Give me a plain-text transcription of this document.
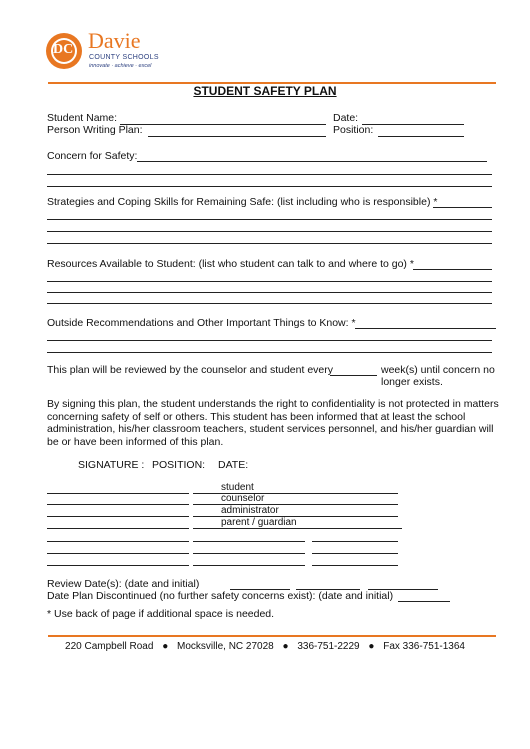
DC Davie
COUNTY SCHOOLS
innovate · achieve · excel
STUDENT SAFETY PLAN
Student Name:	Date:
Person Writing Plan:	Position:
Concern for Safety:
Strategies and Coping Skills for Remaining Safe: (list including who is responsible) *
Resources Available to Student: (list who student can talk to and where to go) *
Outside Recommendations and Other Important Things to Know: *
This plan will be reviewed by the counselor and student every	week(s) until concern no longer exists.
By signing this plan, the student understands the right to confidentiality is not protected in matters concerning safety of self or others. This student has been informed that at least the school administration, his/her classroom teachers, student services personnel, and his/her guardian will be or have been informed of this plan.
SIGNATURE : POSITION: DATE:
student
counselor
administrator
parent / guardian
Review Date(s): (date and initial)
Date Plan Discontinued (no further safety concerns exist): (date and initial)
* Use back of page if additional space is needed.
220 Campbell Road ● Mocksville, NC 27028 ● 336-751-2229 ● Fax 336-751-1364
